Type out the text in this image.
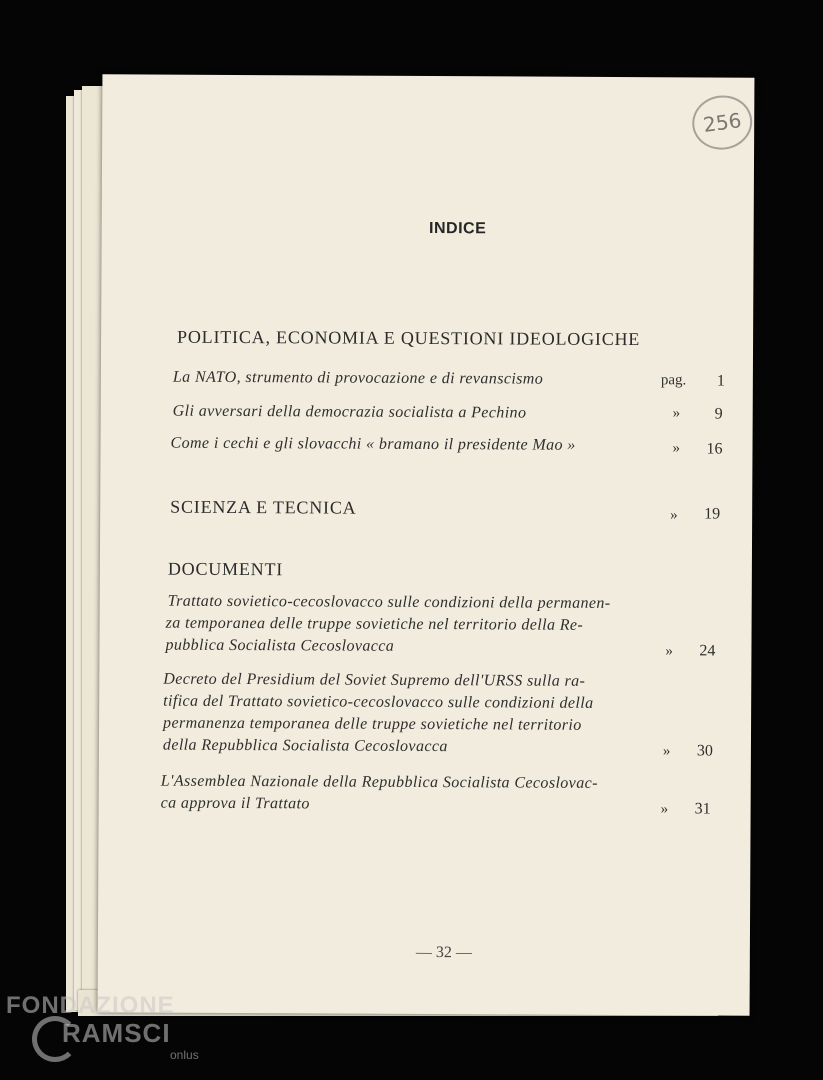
256
INDICE
POLITICA, ECONOMIA E QUESTIONI IDEOLOGICHE
La NATO, strumento di provocazione e di revanscismo	pag. 1
Gli avversari della democrazia socialista a Pechino	» 9
Come i cechi e gli slovacchi « bramano il presidente Mao »	» 16
SCIENZA E TECNICA	» 19
DOCUMENTI
Trattato sovietico-cecoslovacco sulle condizioni della permanen-
za temporanea delle truppe sovietiche nel territorio della Re-
pubblica Socialista Cecoslovacca	» 24
Decreto del Presidium del Soviet Supremo dell'URSS sulla ra-
tifica del Trattato sovietico-cecoslovacco sulle condizioni della
permanenza temporanea delle truppe sovietiche nel territorio
della Repubblica Socialista Cecoslovacca	» 30
L'Assemblea Nazionale della Repubblica Socialista Cecoslovac-
ca approva il Trattato	» 31
— 32 —
FONDAZIONE
RAMSCI
onlus
